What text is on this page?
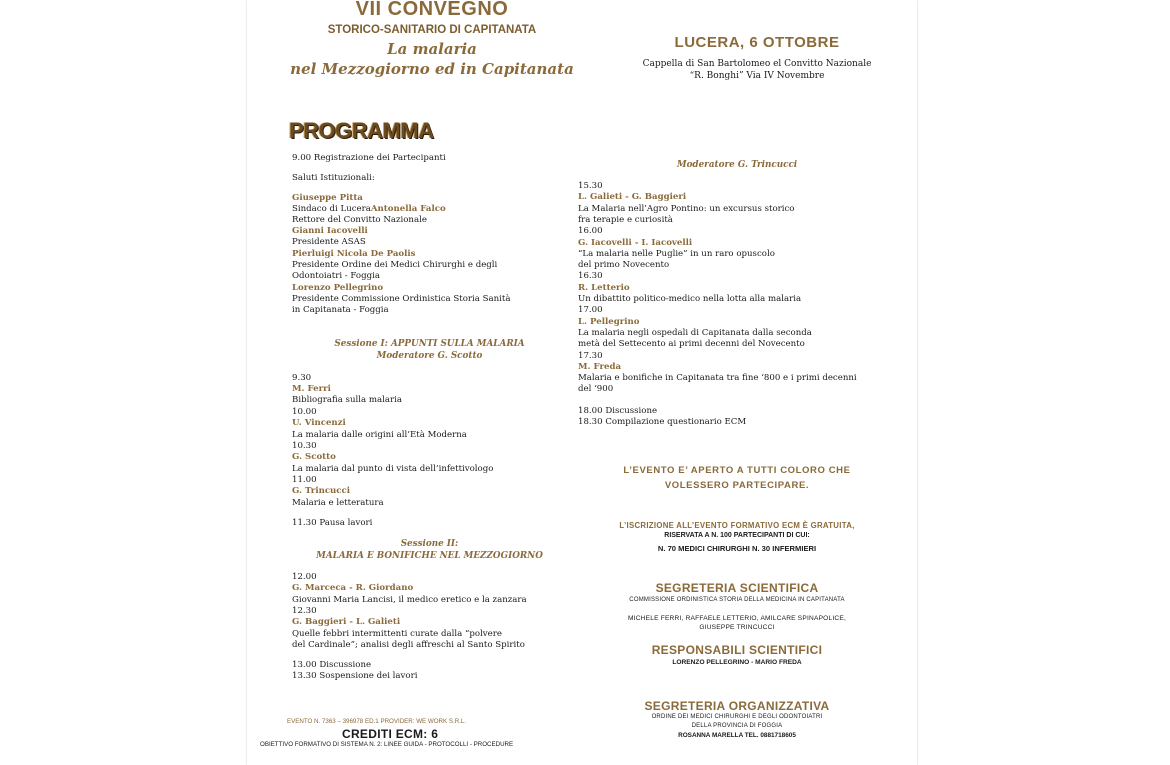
VII CONVEGNO
STORICO-SANITARIO DI CAPITANATA
La malaria
nel Mezzogiorno ed in Capitanata
LUCERA, 6 OTTOBRE
Cappella di San Bartolomeo el Convitto Nazionale
“R. Bonghi” Via IV Novembre
PROGRAMMA
9.00 Registrazione dei Partecipanti
Saluti Istituzionali:
Giuseppe Pitta
Sindaco di LuceraAntonella Falco
Rettore del Convitto Nazionale
Gianni Iacovelli
Presidente ASAS
Pierluigi Nicola De Paolis
Presidente Ordine dei Medici Chirurghi e degli
Odontoiatri - Foggia
Lorenzo Pellegrino
Presidente Commissione Ordinistica Storia Sanità
in Capitanata - Foggia
Sessione I: APPUNTI SULLA MALARIA
Moderatore G. Scotto
9.30
M. Ferri
Bibliografia sulla malaria
10.00
U. Vincenzi
La malaria dalle origini all’Età Moderna
10.30
G. Scotto
La malaria dal punto di vista dell’infettivologo
11.00
G. Trincucci
Malaria e letteratura
11.30 Pausa lavori
Sessione II:
MALARIA E BONIFICHE NEL MEZZOGIORNO
12.00
G. Marceca - R. Giordano
Giovanni Maria Lancisi, il medico eretico e la zanzara
12.30
G. Baggieri - L. Galieti
Quelle febbri intermittenti curate dalla “polvere
del Cardinale”; analisi degli affreschi al Santo Spirito
13.00 Discussione
13.30 Sospensione dei lavori
EVENTO N. 7363 – 396978 ED.1 PROVIDER: WE WORK S.R.L.
CREDITI ECM: 6
OBIETTIVO FORMATIVO DI SISTEMA N. 2: LINEE GUIDA - PROTOCOLLI - PROCEDURE
Moderatore G. Trincucci
15.30
L. Galieti - G. Baggieri
La Malaria nell’Agro Pontino: un excursus storico
fra terapie e curiosità
16.00
G. Iacovelli - I. Iacovelli
“La malaria nelle Puglie” in un raro opuscolo
del primo Novecento
16.30
R. Letterio
Un dibattito politico-medico nella lotta alla malaria
17.00
L. Pellegrino
La malaria negli ospedali di Capitanata dalla seconda
metà del Settecento ai primi decenni del Novecento
17.30
M. Freda
Malaria e bonifiche in Capitanata tra fine ‘800 e i primi decenni
del ‘900
18.00 Discussione
18.30 Compilazione questionario ECM
L’EVENTO E’ APERTO A TUTTI COLORO CHE
VOLESSERO PARTECIPARE.
L’ISCRIZIONE ALL’EVENTO FORMATIVO ECM È GRATUITA,
RISERVATA A N. 100 PARTECIPANTI DI CUI:
N. 70 MEDICI CHIRURGHI N. 30 INFERMIERI
SEGRETERIA SCIENTIFICA
COMMISSIONE ORDINISTICA STORIA DELLA MEDICINA IN CAPITANATA
MICHELE FERRI, RAFFAELE LETTERIO, AMILCARE SPINAPOLICE,
GIUSEPPE TRINCUCCI
RESPONSABILI SCIENTIFICI
LORENZO PELLEGRINO - MARIO FREDA
SEGRETERIA ORGANIZZATIVA
ORDINE DEI MEDICI CHIRURGHI E DEGLI ODONTOIATRI
DELLA PROVINCIA DI FOGGIA
ROSANNA MARELLA TEL. 0881718605
